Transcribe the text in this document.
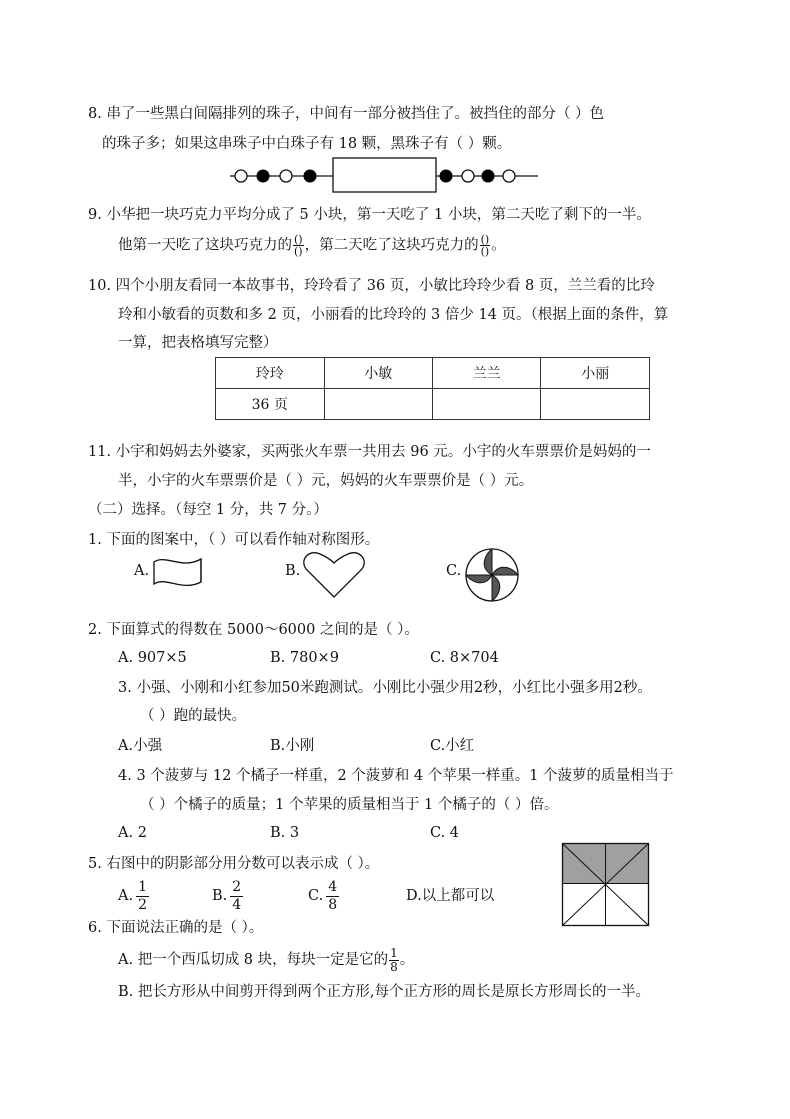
8. 串了一些黑白间隔排列的珠子，中间有一部分被挡住了。被挡住的部分（ ）色
的珠子多；如果这串珠子中白珠子有 18 颗，黑珠子有（ ）颗。
9. 小华把一块巧克力平均分成了 5 小块，第一天吃了 1 小块，第二天吃了剩下的一半。
他第一天吃了这块巧克力的 $\frac{()}{()}$ ，第二天吃了这块巧克力的 $\frac{()}{()}$ 。
10. 四个小朋友看同一本故事书，玲玲看了 36 页，小敏比玲玲少看 8 页，兰兰看的比玲
玲和小敏看的页数和多 2 页，小丽看的比玲玲的 3 倍少 14 页。（根据上面的条件，算
一算，把表格填写完整）
玲玲	小敏	兰兰	小丽
36 页			
11. 小宇和妈妈去外婆家，买两张火车票一共用去 96 元。小宇的火车票票价是妈妈的一
半，小宇的火车票票价是（ ）元，妈妈的火车票票价是（ ）元。
（二）选择。（每空 1 分，共 7 分。）
1. 下面的图案中，（ ）可以看作轴对称图形。
A.	B.	C.
2. 下面算式的得数在 5000～6000 之间的是（ ）。
A. 907×5	B. 780×9	C. 8×704
3. 小强、小刚和小红参加50米跑测试。小刚比小强少用2秒，小红比小强多用2秒。
（ ）跑的最快。
A.小强	B.小刚	C.小红
4. 3 个菠萝与 12 个橘子一样重，2 个菠萝和 4 个苹果一样重。1 个菠萝的质量相当于
（ ）个橘子的质量；1 个苹果的质量相当于 1 个橘子的（ ）倍。
A. 2	B. 3	C. 4
5. 右图中的阴影部分用分数可以表示成（ ）。
A. $\frac{1}{2}$	B. $\frac{2}{4}$	C. $\frac{4}{8}$	D.以上都可以
6. 下面说法正确的是（ ）。
A. 把一个西瓜切成 8 块，每块一定是它的 $\frac{1}{8}$ 。
B. 把长方形从中间剪开得到两个正方形,每个正方形的周长是原长方形周长的一半。
